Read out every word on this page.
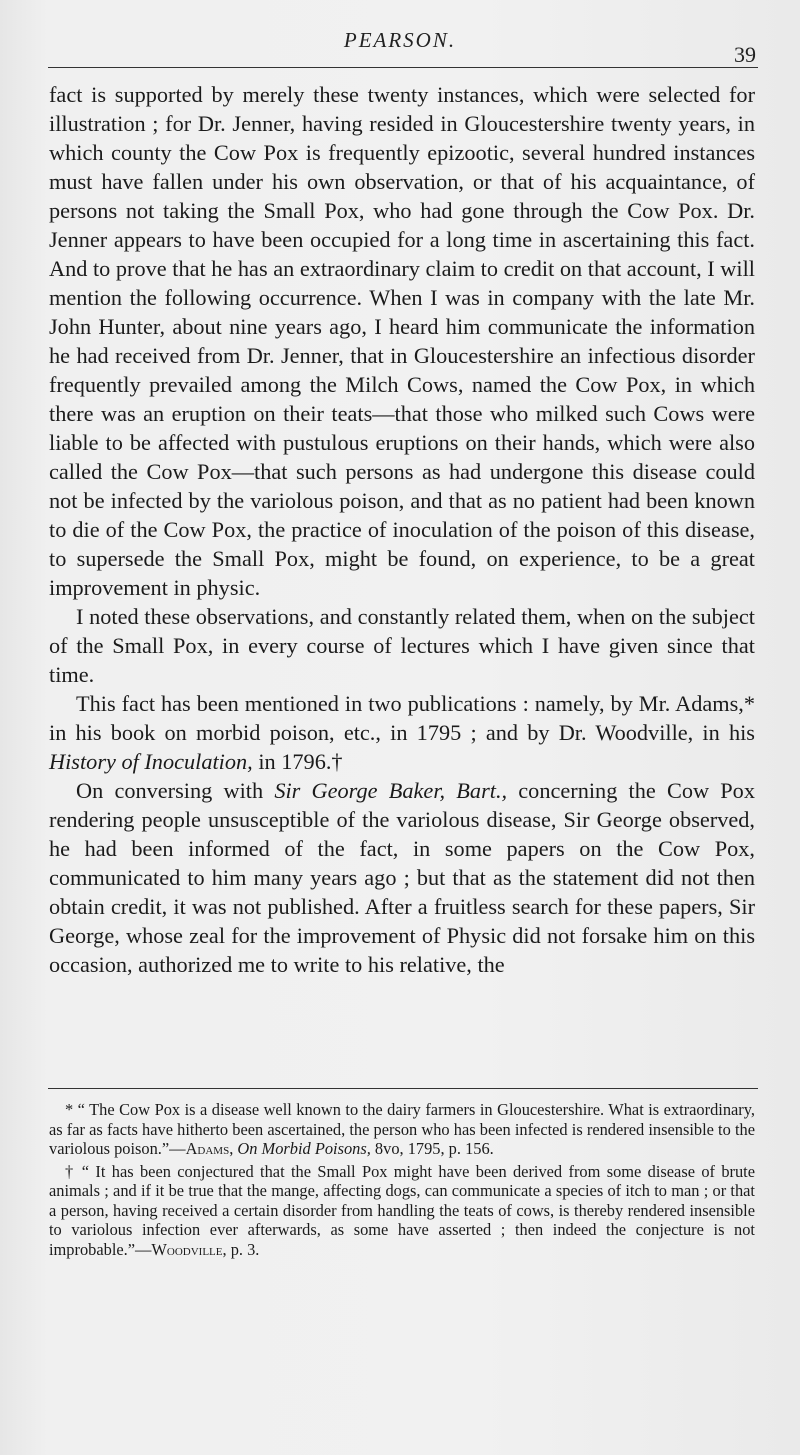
PEARSON.
39

fact is supported by merely these twenty instances, which were selected for illustration ; for Dr. Jenner, having resided in Gloucestershire twenty years, in which county the Cow Pox is frequently epizootic, several hundred instances must have fallen under his own observation, or that of his acquaintance, of persons not taking the Small Pox, who had gone through the Cow Pox. Dr. Jenner appears to have been occupied for a long time in ascertaining this fact. And to prove that he has an extraordinary claim to credit on that account, I will mention the following occurrence. When I was in company with the late Mr. John Hunter, about nine years ago, I heard him communicate the information he had received from Dr. Jenner, that in Gloucestershire an infectious disorder frequently prevailed among the Milch Cows, named the Cow Pox, in which there was an eruption on their teats—that those who milked such Cows were liable to be affected with pustulous eruptions on their hands, which were also called the Cow Pox—that such persons as had undergone this disease could not be infected by the variolous poison, and that as no patient had been known to die of the Cow Pox, the practice of inoculation of the poison of this disease, to supersede the Small Pox, might be found, on experience, to be a great improvement in physic.

I noted these observations, and constantly related them, when on the subject of the Small Pox, in every course of lectures which I have given since that time.

This fact has been mentioned in two publications : namely, by Mr. Adams,* in his book on morbid poison, etc., in 1795 ; and by Dr. Woodville, in his History of Inoculation, in 1796.†

On conversing with Sir George Baker, Bart., concerning the Cow Pox rendering people unsusceptible of the variolous disease, Sir George observed, he had been informed of the fact, in some papers on the Cow Pox, communicated to him many years ago ; but that as the statement did not then obtain credit, it was not published. After a fruitless search for these papers, Sir George, whose zeal for the improvement of Physic did not forsake him on this occasion, authorized me to write to his relative, the

* “ The Cow Pox is a disease well known to the dairy farmers in Gloucestershire. What is extraordinary, as far as facts have hitherto been ascertained, the person who has been infected is rendered insensible to the variolous poison.”—Adams, On Morbid Poisons, 8vo, 1795, p. 156.

† “ It has been conjectured that the Small Pox might have been derived from some disease of brute animals ; and if it be true that the mange, affecting dogs, can communicate a species of itch to man ; or that a person, having received a certain disorder from handling the teats of cows, is thereby rendered insensible to variolous infection ever afterwards, as some have asserted ; then indeed the conjecture is not improbable.”—Woodville, p. 3.
